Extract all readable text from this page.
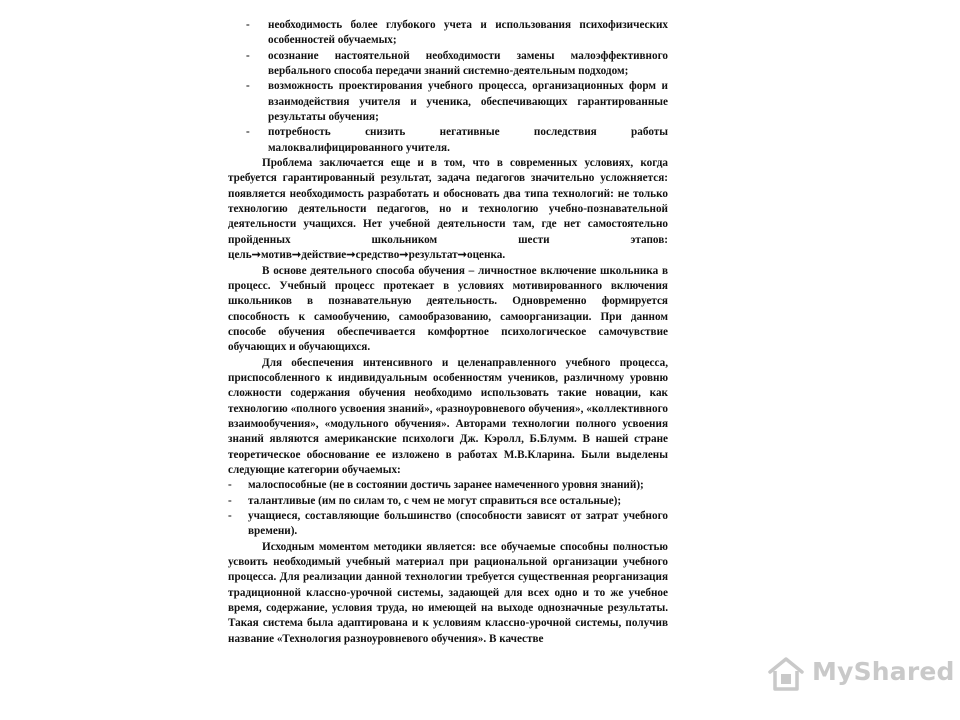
- необходимость более глубокого учета и использования психофизических особенностей обучаемых;

- осознание настоятельной необходимости замены малоэффективного вербального способа передачи знаний системно-деятельным подходом;

- возможность проектирования учебного процесса, организационных форм и взаимодействия учителя и ученика, обеспечивающих гарантированные результаты обучения;

- потребность снизить негативные последствия работы малоквалифицированного учителя.

Проблема заключается еще и в том, что в современных условиях, когда требуется гарантированный результат, задача педагогов значительно усложняется: появляется необходимость разработать и обосновать два типа технологий: не только технологию деятельности педагогов, но и технологию учебно-познавательной деятельности учащихся. Нет учебной деятельности там, где нет самостоятельно пройденных школьником шести этапов: цель➞мотив➞действие➞средство➞результат➞оценка.

В основе деятельного способа обучения – личностное включение школьника в процесс. Учебный процесс протекает в условиях мотивированного включения школьников в познавательную деятельность. Одновременно формируется способность к самообучению, самообразованию, самоорганизации. При данном способе обучения обеспечивается комфортное психологическое самочувствие обучающих и обучающихся.

Для обеспечения интенсивного и целенаправленного учебного процесса, приспособленного к индивидуальным особенностям учеников, различному уровню сложности содержания обучения необходимо использовать такие новации, как технологию «полного усвоения знаний», «разноуровневого обучения», «коллективного взаимообучения», «модульного обучения». Авторами технологии полного усвоения знаний являются американские психологи Дж. Кэролл, Б.Блумм. В нашей стране теоретическое обоснование ее изложено в работах М.В.Кларина. Были выделены следующие категории обучаемых:

- малоспособные (не в состоянии достичь заранее намеченного уровня знаний);

- талантливые (им по силам то, с чем не могут справиться все остальные);

- учащиеся, составляющие большинство (способности зависят от затрат учебного времени).

Исходным моментом методики является: все обучаемые способны полностью усвоить необходимый учебный материал при рациональной организации учебного процесса. Для реализации данной технологии требуется существенная реорганизация традиционной классно-урочной системы, задающей для всех одно и то же учебное время, содержание, условия труда, но имеющей на выходе однозначные результаты. Такая система была адаптирована и к условиям классно-урочной системы, получив название «Технология разноуровневого обучения». В качестве

MyShared
